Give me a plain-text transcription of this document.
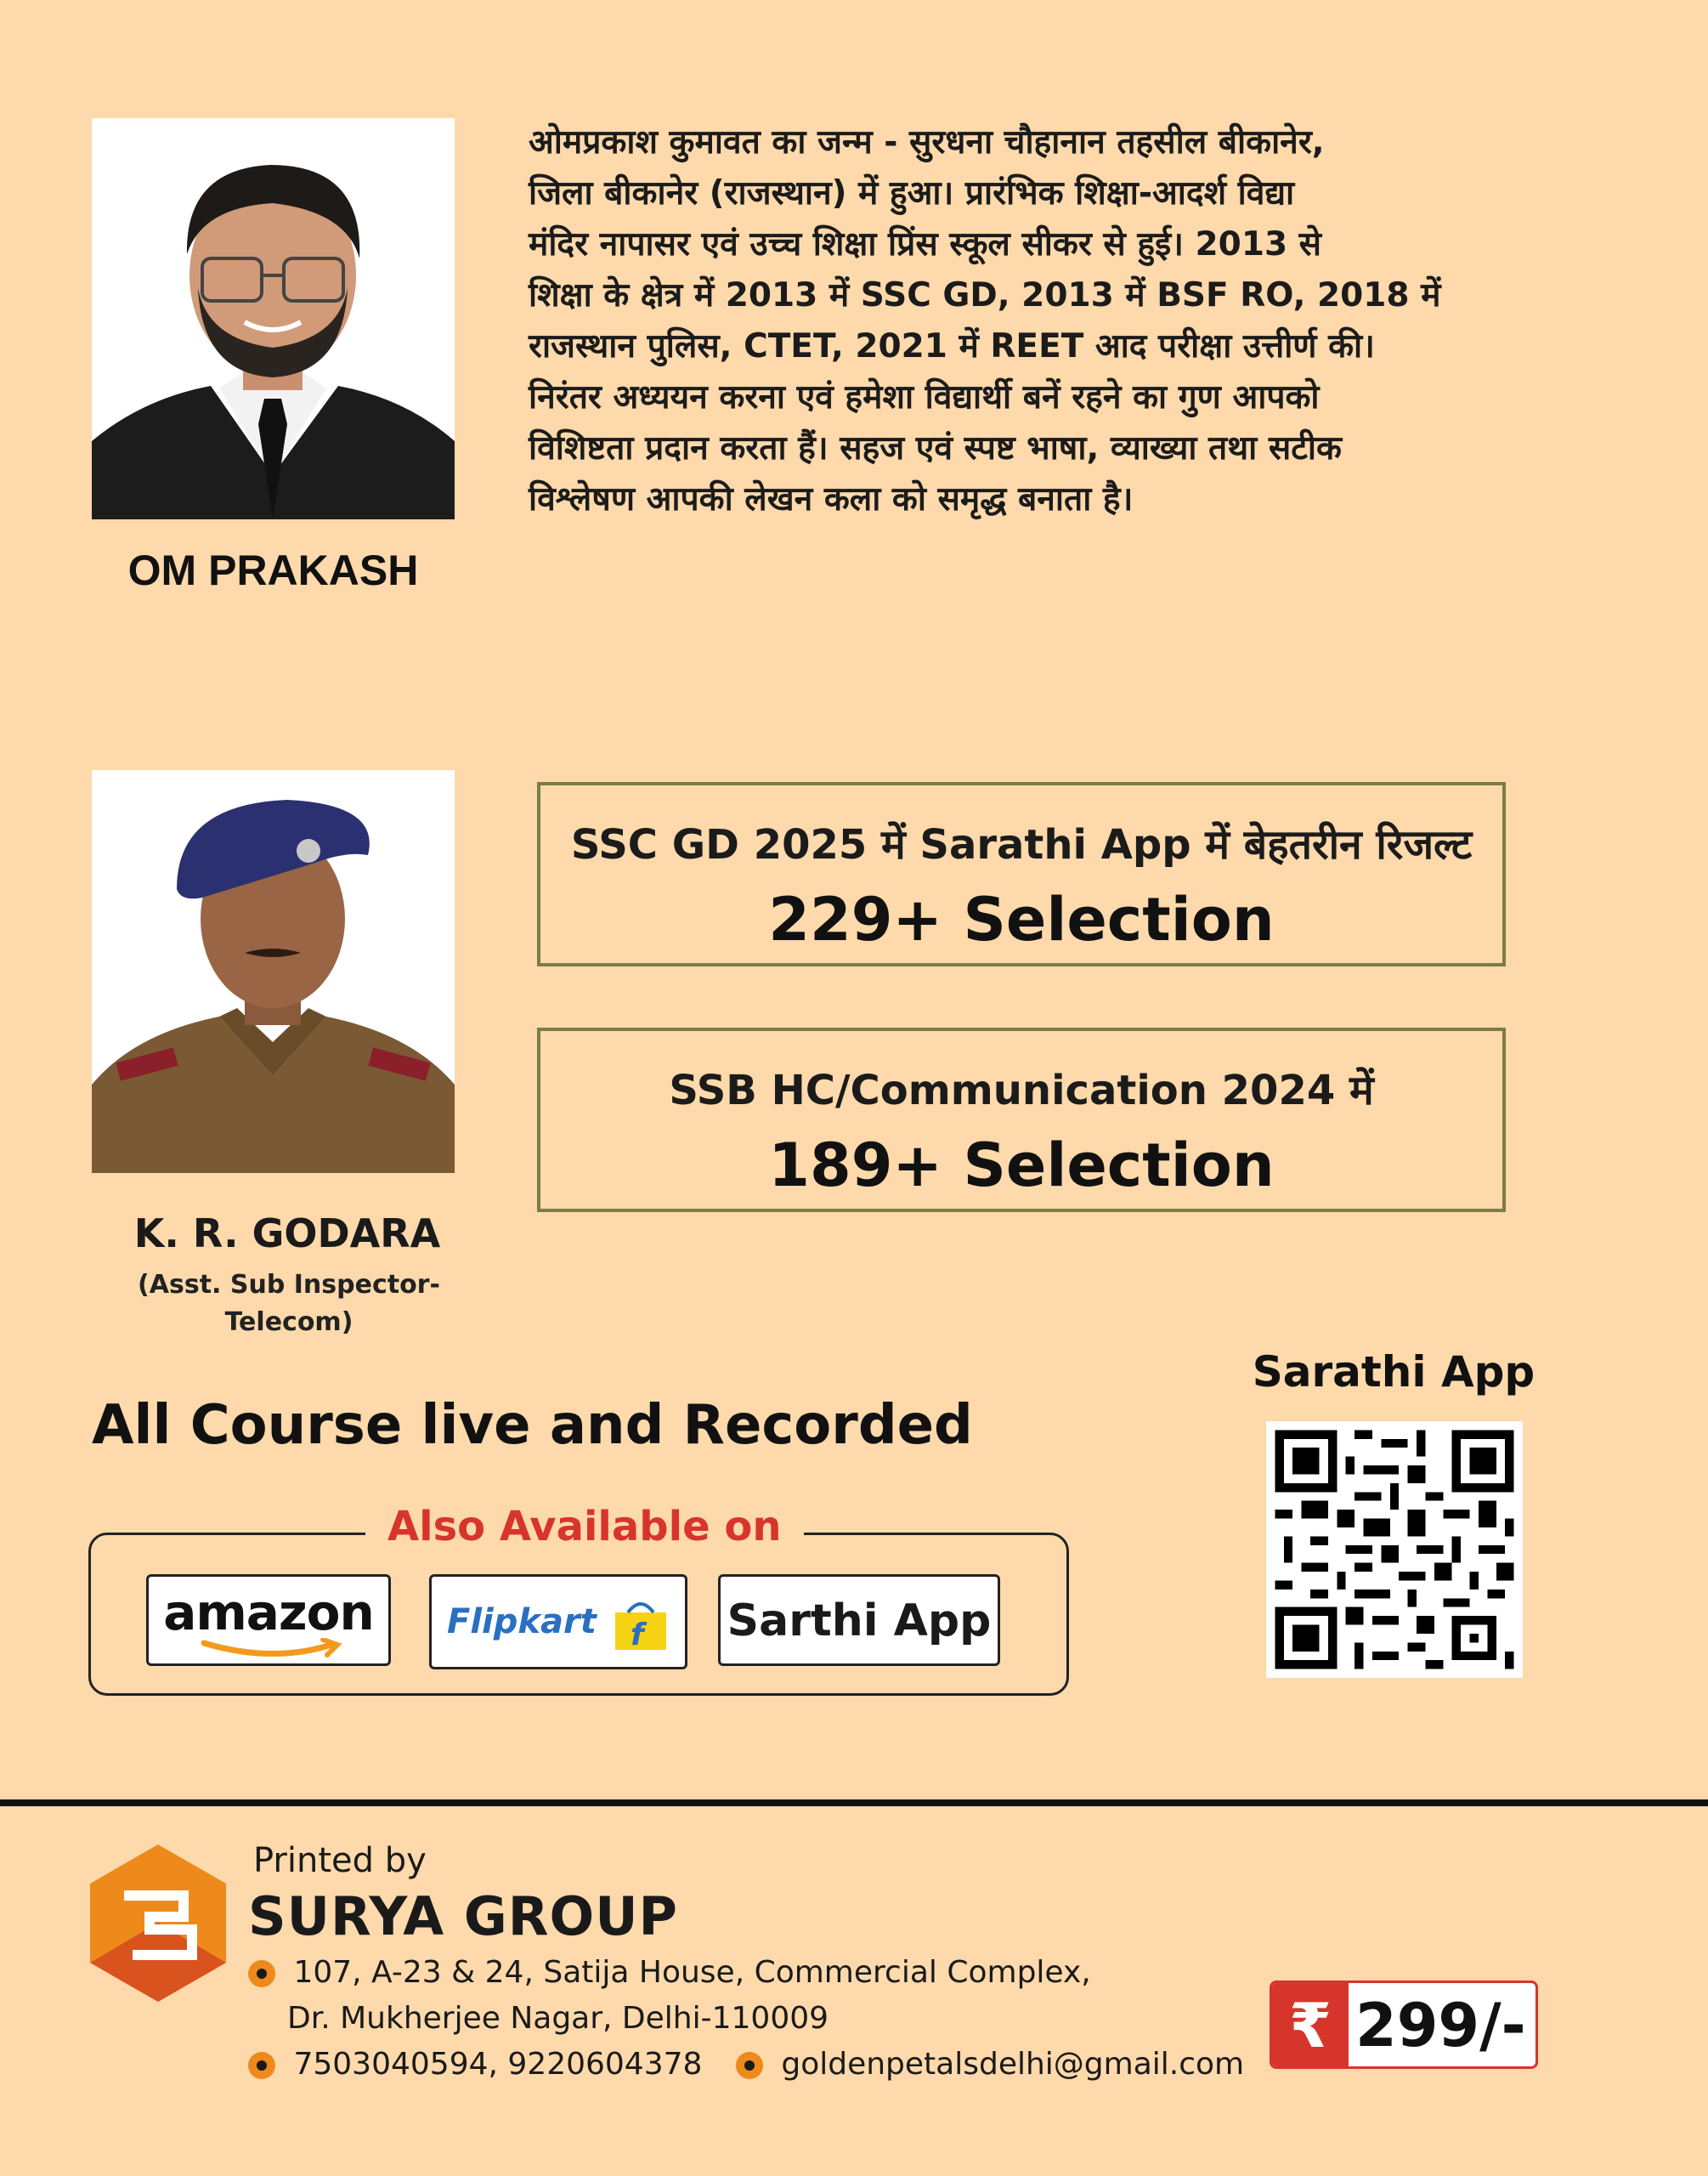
OM PRAKASH
ओमप्रकाश कुमावत का जन्म - सुरधना चौहानान तहसील बीकानेर,
जिला बीकानेर (राजस्थान) में हुआ। प्रारंभिक शिक्षा-आदर्श विद्या
मंदिर नापासर एवं उच्च शिक्षा प्रिंस स्कूल सीकर से हुई। 2013 से
शिक्षा के क्षेत्र में 2013 में SSC GD, 2013 में BSF RO, 2018 में
राजस्थान पुलिस, CTET, 2021 में REET आद परीक्षा उत्तीर्ण की।
निरंतर अध्ययन करना एवं हमेशा विद्यार्थी बनें रहने का गुण आपको
विशिष्टता प्रदान करता हैं। सहज एवं स्पष्ट भाषा, व्याख्या तथा सटीक
विश्लेषण आपकी लेखन कला को समृद्ध बनाता है।
SSC GD 2025 में Sarathi App में बेहतरीन रिजल्ट
229+ Selection
SSB HC/Communication 2024 में
189+ Selection
K. R. GODARA
(Asst. Sub Inspector-
Telecom)
All Course live and Recorded
Also Available on
amazon	Flipkart f Sarthi App
Sarathi App
Printed by
SURYA GROUP
107, A-23 & 24, Satija House, Commercial Complex,
Dr. Mukherjee Nagar, Delhi-110009
7503040594, 9220604378	goldenpetalsdelhi@gmail.com
₹ 299/-
